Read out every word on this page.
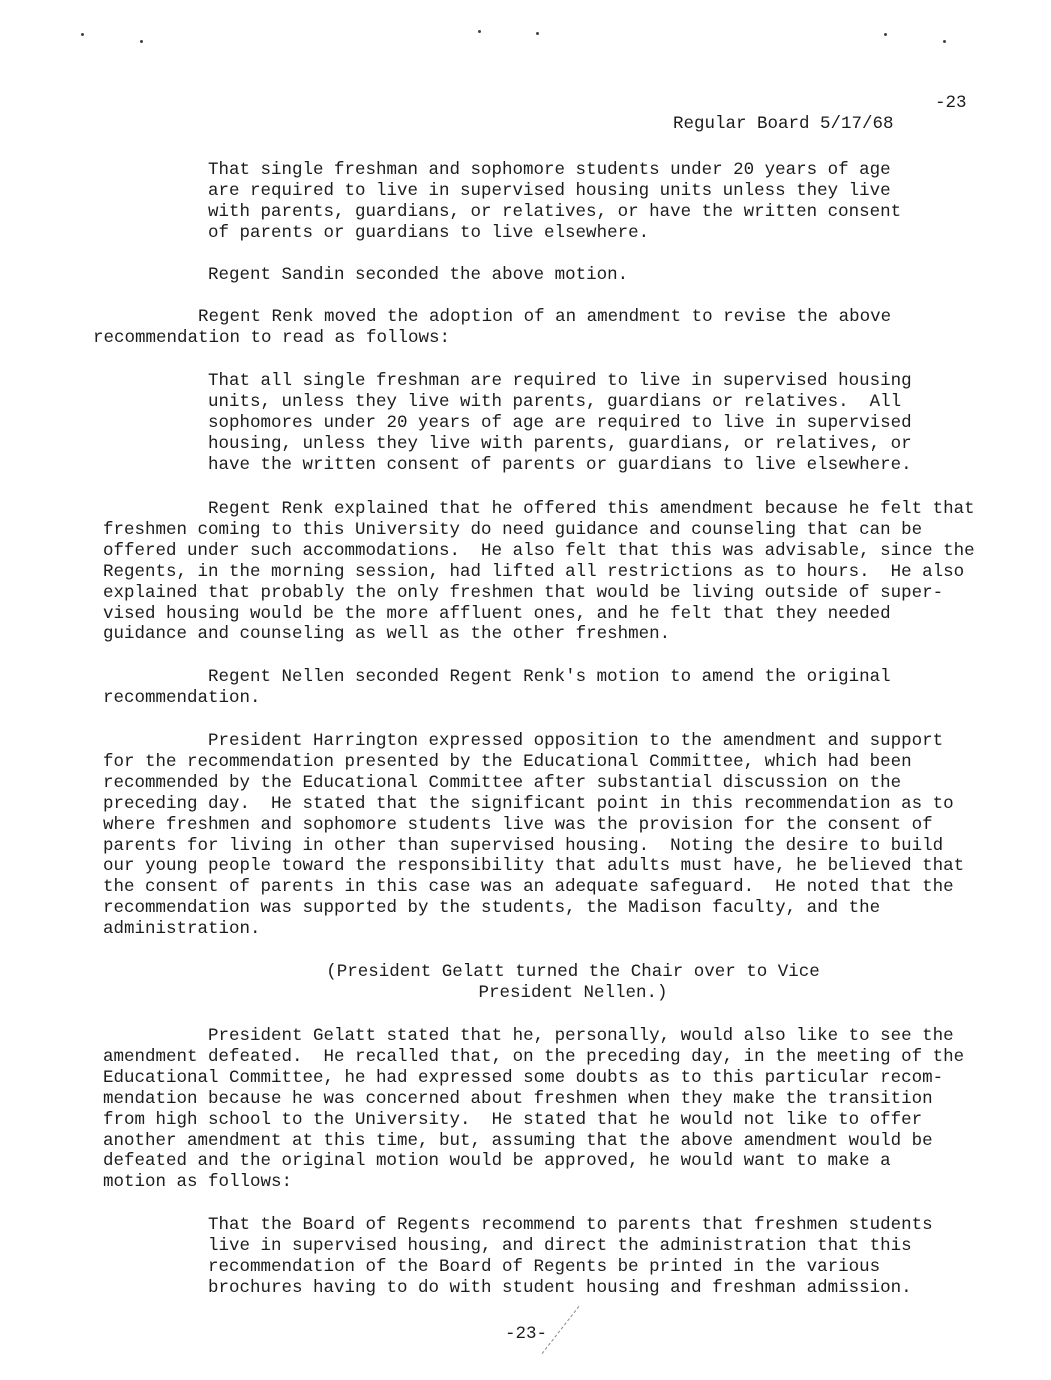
Regular Board 5/17/68

-23

That single freshman and sophomore students under 20 years of age
are required to live in supervised housing units unless they live
with parents, guardians, or relatives, or have the written consent
of parents or guardians to live elsewhere.
Regent Sandin seconded the above motion.
Regent Renk moved the adoption of an amendment to revise the above
recommendation to read as follows:
That all single freshman are required to live in supervised housing
units, unless they live with parents, guardians or relatives.  All
sophomores under 20 years of age are required to live in supervised
housing, unless they live with parents, guardians, or relatives, or
have the written consent of parents or guardians to live elsewhere.
Regent Renk explained that he offered this amendment because he felt that
freshmen coming to this University do need guidance and counseling that can be
offered under such accommodations.  He also felt that this was advisable, since the
Regents, in the morning session, had lifted all restrictions as to hours.  He also
explained that probably the only freshmen that would be living outside of super-
vised housing would be the more affluent ones, and he felt that they needed
guidance and counseling as well as the other freshmen.
Regent Nellen seconded Regent Renk's motion to amend the original
recommendation.
President Harrington expressed opposition to the amendment and support
for the recommendation presented by the Educational Committee, which had been
recommended by the Educational Committee after substantial discussion on the
preceding day.  He stated that the significant point in this recommendation as to
where freshmen and sophomore students live was the provision for the consent of
parents for living in other than supervised housing.  Noting the desire to build
our young people toward the responsibility that adults must have, he believed that
the consent of parents in this case was an adequate safeguard.  He noted that the
recommendation was supported by the students, the Madison faculty, and the
administration.
(President Gelatt turned the Chair over to Vice
President Nellen.)
President Gelatt stated that he, personally, would also like to see the
amendment defeated.  He recalled that, on the preceding day, in the meeting of the
Educational Committee, he had expressed some doubts as to this particular recom-
mendation because he was concerned about freshmen when they make the transition
from high school to the University.  He stated that he would not like to offer
another amendment at this time, but, assuming that the above amendment would be
defeated and the original motion would be approved, he would want to make a
motion as follows:
That the Board of Regents recommend to parents that freshmen students
live in supervised housing, and direct the administration that this
recommendation of the Board of Regents be printed in the various
brochures having to do with student housing and freshman admission.
-23-
